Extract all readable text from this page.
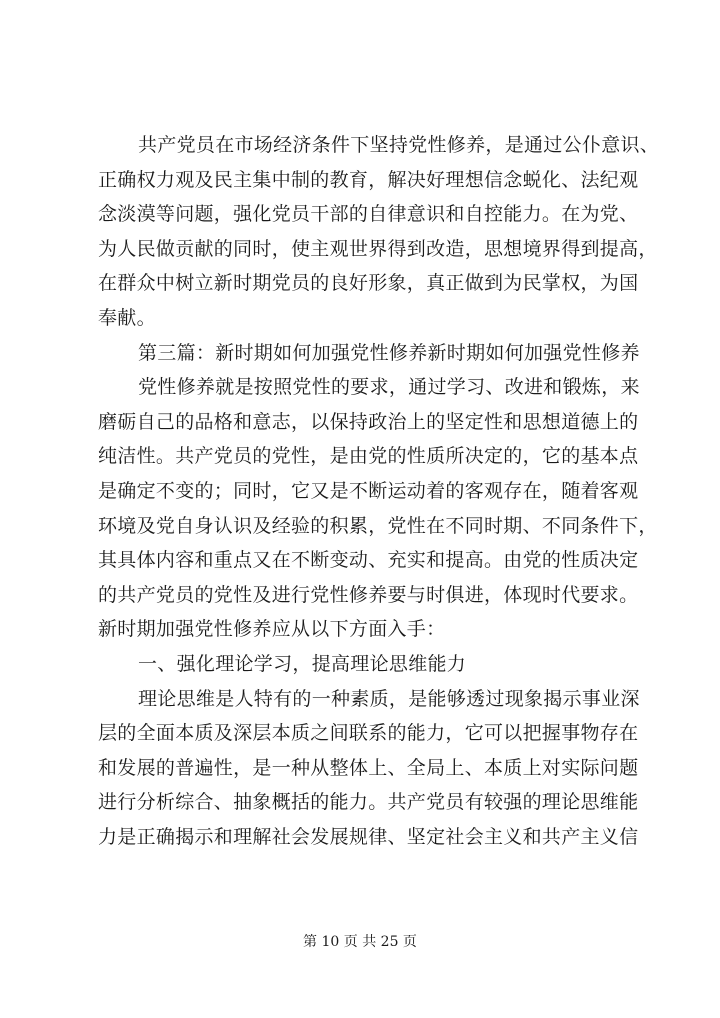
共产党员在市场经济条件下坚持党性修养，是通过公仆意识、
正确权力观及民主集中制的教育，解决好理想信念蜕化、法纪观
念淡漠等问题，强化党员干部的自律意识和自控能力。在为党、
为人民做贡献的同时，使主观世界得到改造，思想境界得到提高，
在群众中树立新时期党员的良好形象，真正做到为民掌权，为国
奉献。
第三篇：新时期如何加强党性修养新时期如何加强党性修养
党性修养就是按照党性的要求，通过学习、改进和锻炼，来
磨砺自己的品格和意志，以保持政治上的坚定性和思想道德上的
纯洁性。共产党员的党性，是由党的性质所决定的，它的基本点
是确定不变的；同时，它又是不断运动着的客观存在，随着客观
环境及党自身认识及经验的积累，党性在不同时期、不同条件下，
其具体内容和重点又在不断变动、充实和提高。由党的性质决定
的共产党员的党性及进行党性修养要与时俱进，体现时代要求。
新时期加强党性修养应从以下方面入手：
一、强化理论学习，提高理论思维能力
理论思维是人特有的一种素质，是能够透过现象揭示事业深
层的全面本质及深层本质之间联系的能力，它可以把握事物存在
和发展的普遍性，是一种从整体上、全局上、本质上对实际问题
进行分析综合、抽象概括的能力。共产党员有较强的理论思维能
力是正确揭示和理解社会发展规律、坚定社会主义和共产主义信
第 10 页 共 25 页
